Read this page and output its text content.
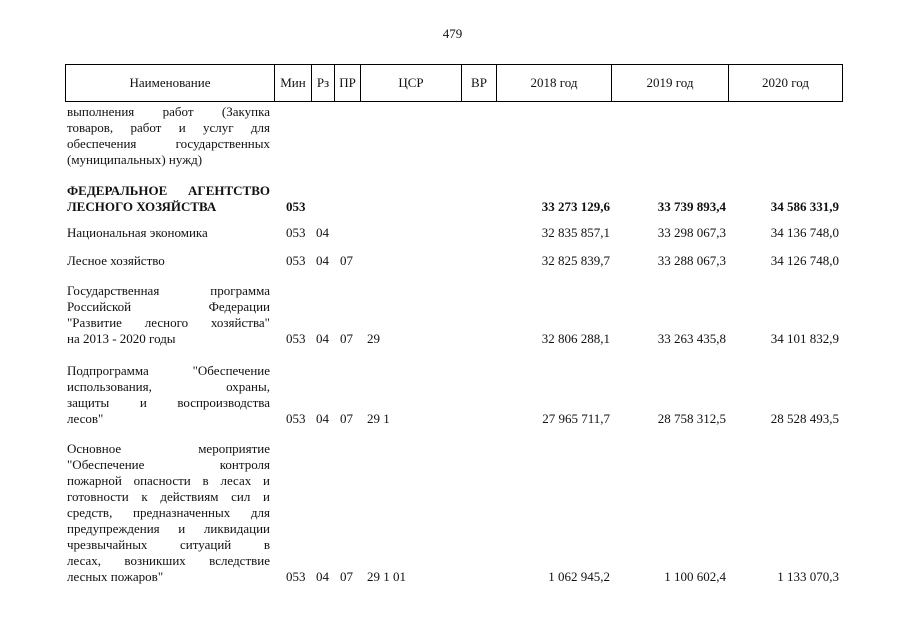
479
Наименование	Мин Рз ПР	ЦСР	ВР	2018 год	2019 год	2020 год
выполнения работ (Закупка
товаров, работ и услуг для
обеспечения государственных
(муниципальных) нужд)
ФЕДЕРАЛЬНОЕ АГЕНТСТВО
ЛЕСНОГО ХОЗЯЙСТВА	053	33 273 129,6	33 739 893,4	34 586 331,9
Национальная экономика	053 04	32 835 857,1	33 298 067,3	34 136 748,0
Лесное хозяйство	053 04 07	32 825 839,7	33 288 067,3	34 126 748,0
Государственная программа
Российской Федерации
"Развитие лесного хозяйства"
на 2013 - 2020 годы	053 04 07 29	32 806 288,1	33 263 435,8	34 101 832,9
Подпрограмма "Обеспечение
использования, охраны,
защиты и воспроизводства
лесов"	053 04 07 29 1	27 965 711,7	28 758 312,5	28 528 493,5
Основное мероприятие
"Обеспечение контроля
пожарной опасности в лесах и
готовности к действиям сил и
средств, предназначенных для
предупреждения и ликвидации
чрезвычайных ситуаций в
лесах, возникших вследствие
лесных пожаров"	053 04 07 29 1 01	1 062 945,2	1 100 602,4	1 133 070,3
